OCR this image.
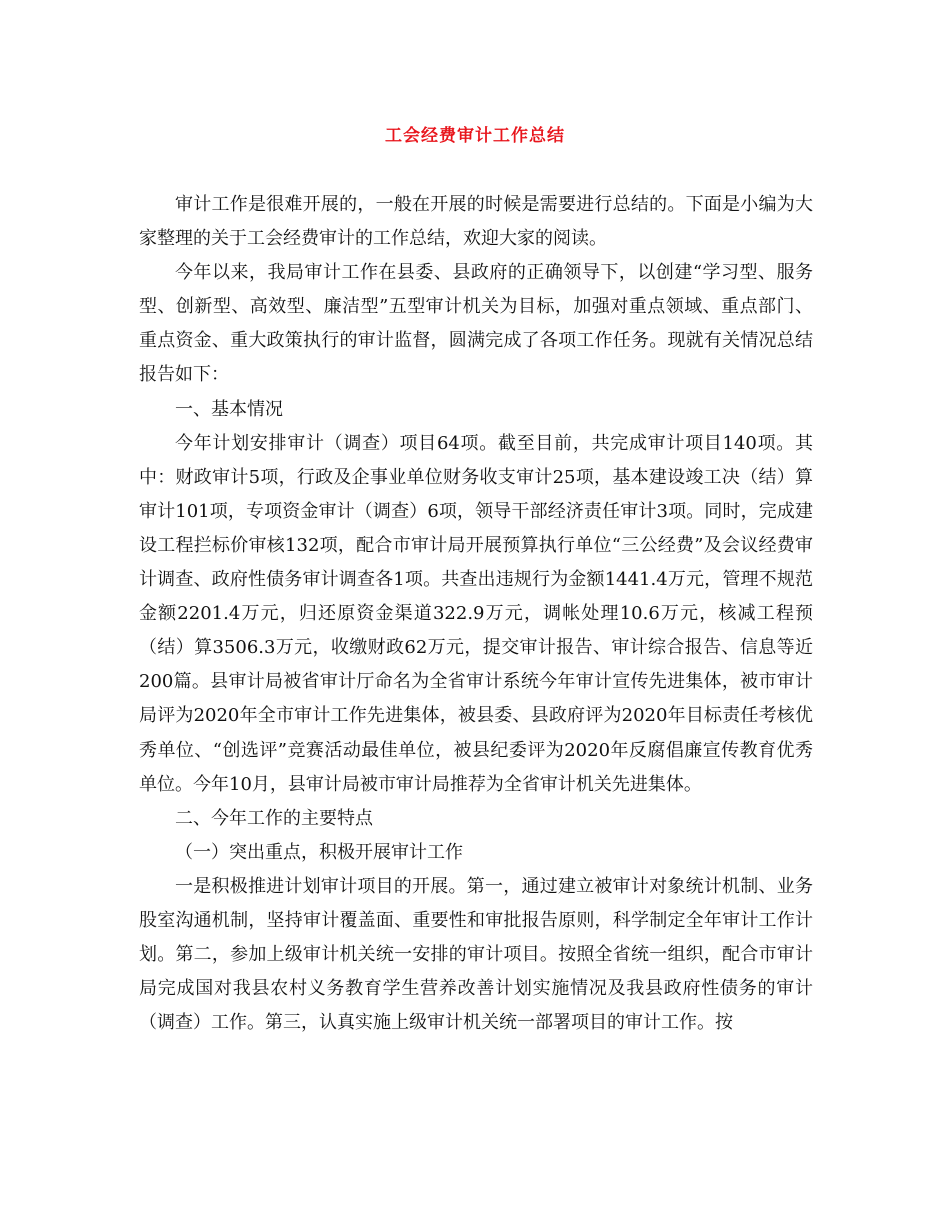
工会经费审计工作总结

审计工作是很难开展的，一般在开展的时候是需要进行总结的。下面是小编为大家整理的关于工会经费审计的工作总结，欢迎大家的阅读。

今年以来，我局审计工作在县委、县政府的正确领导下，以创建“学习型、服务型、创新型、高效型、廉洁型”五型审计机关为目标，加强对重点领域、重点部门、重点资金、重大政策执行的审计监督，圆满完成了各项工作任务。现就有关情况总结报告如下：

一、基本情况

今年计划安排审计（调查）项目64项。截至目前，共完成审计项目140项。其中：财政审计5项，行政及企事业单位财务收支审计25项，基本建设竣工决（结）算审计101项，专项资金审计（调查）6项，领导干部经济责任审计3项。同时，完成建设工程拦标价审核132项，配合市审计局开展预算执行单位“三公经费”及会议经费审计调查、政府性债务审计调查各1项。共查出违规行为金额1441.4万元，管理不规范金额2201.4万元，归还原资金渠道322.9万元，调帐处理10.6万元，核减工程预（结）算3506.3万元，收缴财政62万元，提交审计报告、审计综合报告、信息等近200篇。县审计局被省审计厅命名为全省审计系统今年审计宣传先进集体，被市审计局评为2020年全市审计工作先进集体，被县委、县政府评为2020年目标责任考核优秀单位、“创选评”竞赛活动最佳单位，被县纪委评为2020年反腐倡廉宣传教育优秀单位。今年10月，县审计局被市审计局推荐为全省审计机关先进集体。

二、今年工作的主要特点

（一）突出重点，积极开展审计工作

一是积极推进计划审计项目的开展。第一，通过建立被审计对象统计机制、业务股室沟通机制，坚持审计覆盖面、重要性和审批报告原则，科学制定全年审计工作计划。第二，参加上级审计机关统一安排的审计项目。按照全省统一组织，配合市审计局完成国对我县农村义务教育学生营养改善计划实施情况及我县政府性债务的审计（调查）工作。第三，认真实施上级审计机关统一部署项目的审计工作。按
